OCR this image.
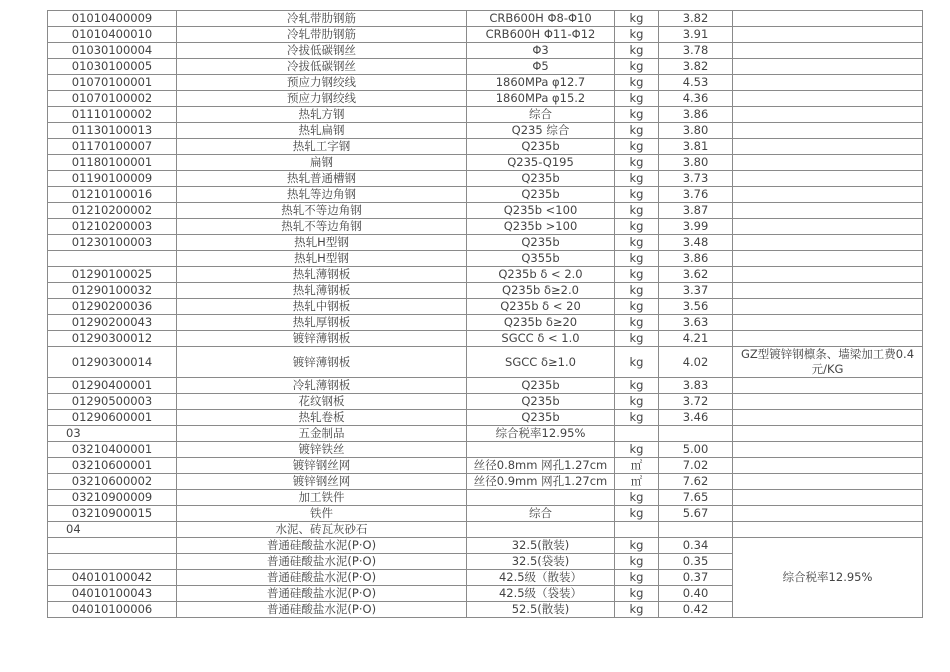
01010400009	冷轧带肋钢筋	CRB600H Φ8-Φ10	kg	3.82	
01010400010	冷轧带肋钢筋	CRB600H Φ11-Φ12	kg	3.91	
01030100004	冷拔低碳钢丝	Φ3	kg	3.78	
01030100005	冷拔低碳钢丝	Φ5	kg	3.82	
01070100001	预应力钢绞线	1860MPa φ12.7	kg	4.53	
01070100002	预应力钢绞线	1860MPa φ15.2	kg	4.36	
01110100002	热轧方钢	综合	kg	3.86	
01130100013	热轧扁钢	Q235 综合	kg	3.80	
01170100007	热轧工字钢	Q235b	kg	3.81	
01180100001	扁钢	Q235-Q195	kg	3.80	
01190100009	热轧普通槽钢	Q235b	kg	3.73	
01210100016	热轧等边角钢	Q235b	kg	3.76	
01210200002	热轧不等边角钢	Q235b <100	kg	3.87	
01210200003	热轧不等边角钢	Q235b >100	kg	3.99	
01230100003	热轧H型钢	Q235b	kg	3.48	
	热轧H型钢	Q355b	kg	3.86	
01290100025	热轧薄钢板	Q235b δ < 2.0	kg	3.62	
01290100032	热轧薄钢板	Q235b δ≥2.0	kg	3.37	
01290200036	热轧中钢板	Q235b δ < 20	kg	3.56	
01290200043	热轧厚钢板	Q235b δ≥20	kg	3.63	
01290300012	镀锌薄钢板	SGCC δ < 1.0	kg	4.21	
01290300014	镀锌薄钢板	SGCC δ≥1.0	kg	4.02	GZ型镀锌钢檩条、墙梁加工费0.4元/KG
01290400001	冷轧薄钢板	Q235b	kg	3.83	
01290500003	花纹钢板	Q235b	kg	3.72	
01290600001	热轧卷板	Q235b	kg	3.46	
03	五金制品	综合税率12.95%			
03210400001	镀锌铁丝		kg	5.00	
03210600001	镀锌钢丝网	丝径0.8mm 网孔1.27cm	㎡	7.02	
03210600002	镀锌钢丝网	丝径0.9mm 网孔1.27cm	㎡	7.62	
03210900009	加工铁件		kg	7.65	
03210900015	铁件	综合	kg	5.67	
04	水泥、砖瓦灰砂石				
	普通硅酸盐水泥(P·O)	32.5(散装)	kg	0.34	综合税率12.95%
	普通硅酸盐水泥(P·O)	32.5(袋装)	kg	0.35	
04010100042	普通硅酸盐水泥(P·O)	42.5级（散装）	kg	0.37	
04010100043	普通硅酸盐水泥(P·O)	42.5级（袋装）	kg	0.40	
04010100006	普通硅酸盐水泥(P·O)	52.5(散装)	kg	0.42	
